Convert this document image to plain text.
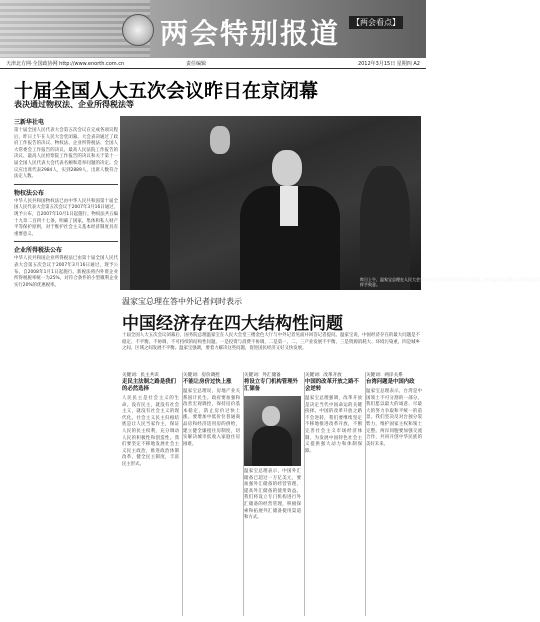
两会特别报道	【两会看点】
天津北方网·全国政协网 http://www.enorth.com.cn	责任编辑	2012年3月15日 星期四 A2
十届全国人大五次会议昨日在京闭幕
表决通过物权法、企业所得税法等
三新华社电
第十届全国人民代表大会第五次会议在完成各项议程后，昨日上午在人民大会堂闭幕。大会表决通过了政府工作报告的决议、物权法、企业所得税法、全国人大常委会工作报告的决议、最高人民法院工作报告的决议、最高人民检察院工作报告的决议和关于第十一届全国人民代表大会代表名额和选举问题的决定。会议应出席代表2984人，实到2889人，出席人数符合法定人数。
物权法公布
中华人民共和国物权法已由中华人民共和国第十届全国人民代表大会第五次会议于2007年3月16日通过，现予公布，自2007年10月1日起施行。物权法共五编十九章二百四十七条，明确了国家、集体和私人财产平等保护原则，对于维护社会主义基本经济制度具有重要意义。
企业所得税法公布
中华人民共和国企业所得税法已由第十届全国人民代表大会第五次会议于2007年3月16日通过，现予公布，自2008年1月1日起施行。新税法将内外资企业所得税税率统一为25%，对符合条件的小型微利企业实行20%的优惠税率。
昨日上午，温家宝总理在人民大会堂与中外记者见面并回答记者提问。图为温家宝总理步入会场向记者挥手致意。
温家宝总理在答中外记者问时表示
中国经济存在四大结构性问题
十届全国人大五次会议闭幕后，国务院总理温家宝在人民大会堂三楼金色大厅与中外记者见面并回答记者提问。温家宝说，中国经济存在的最大问题是不稳定、不平衡、不协调、不可持续的结构性问题。一是投资与消费不协调，二是第一、二、三产业发展不平衡，三是资源消耗大、环境污染重，四是城乡之间、区域之间发展不平衡。温家宝强调，要着力解决这些问题，促进国民经济又好又快发展。
关键词：民主共识
走民主法制之路是我们的必然选择
人民民主是社会主义的生命。没有民主，就没有社会主义，就没有社会主义的现代化。社会主义民主归根结底是让人民当家作主，保证人民的民主权利，充分调动人民的积极性和创造性。我们要坚定不移地发展社会主义民主政治，推进政治体制改革，健全民主制度，丰富民主形式。
关键词：房价调控
不能让房价过快上涨
温家宝总理说，房地产业关系国计民生。政府要加强和改善宏观调控，保持房价基本稳定，防止房价过快上涨。要增加中低价位普通商品房和经济适用房的供给，建立健全廉租住房制度，切实解决城市低收入家庭住房困难。
关键词：外汇储备
将设立专门机构管理外汇储备
温家宝总理表示，中国外汇储备已超过一万亿美元，要加强外汇储备的经营管理，提高外汇储备的使用效益。我们将设立专门机构进行外汇储备的经营管理，积极探索和拓展外汇储备使用渠道和方式。
关键词：改革开放
中国的改革开放之路不会逆转
温家宝总理强调，改革开放是决定当代中国命运的关键抉择。中国的改革开放之路不会逆转，我们要继续坚定不移地推进改革开放，不断完善社会主义市场经济体制，为发展中国特色社会主义提供强大动力和体制保障。
关键词：两岸关系
台湾问题是中国内政
温家宝总理表示，台湾是中国领土不可分割的一部分。我们愿以最大的诚意、尽最大的努力争取和平统一的前景。我们坚决反对台独分裂势力，维护国家主权和领土完整。两岸同胞要加强交流合作，共同开创中华民族的美好未来。
